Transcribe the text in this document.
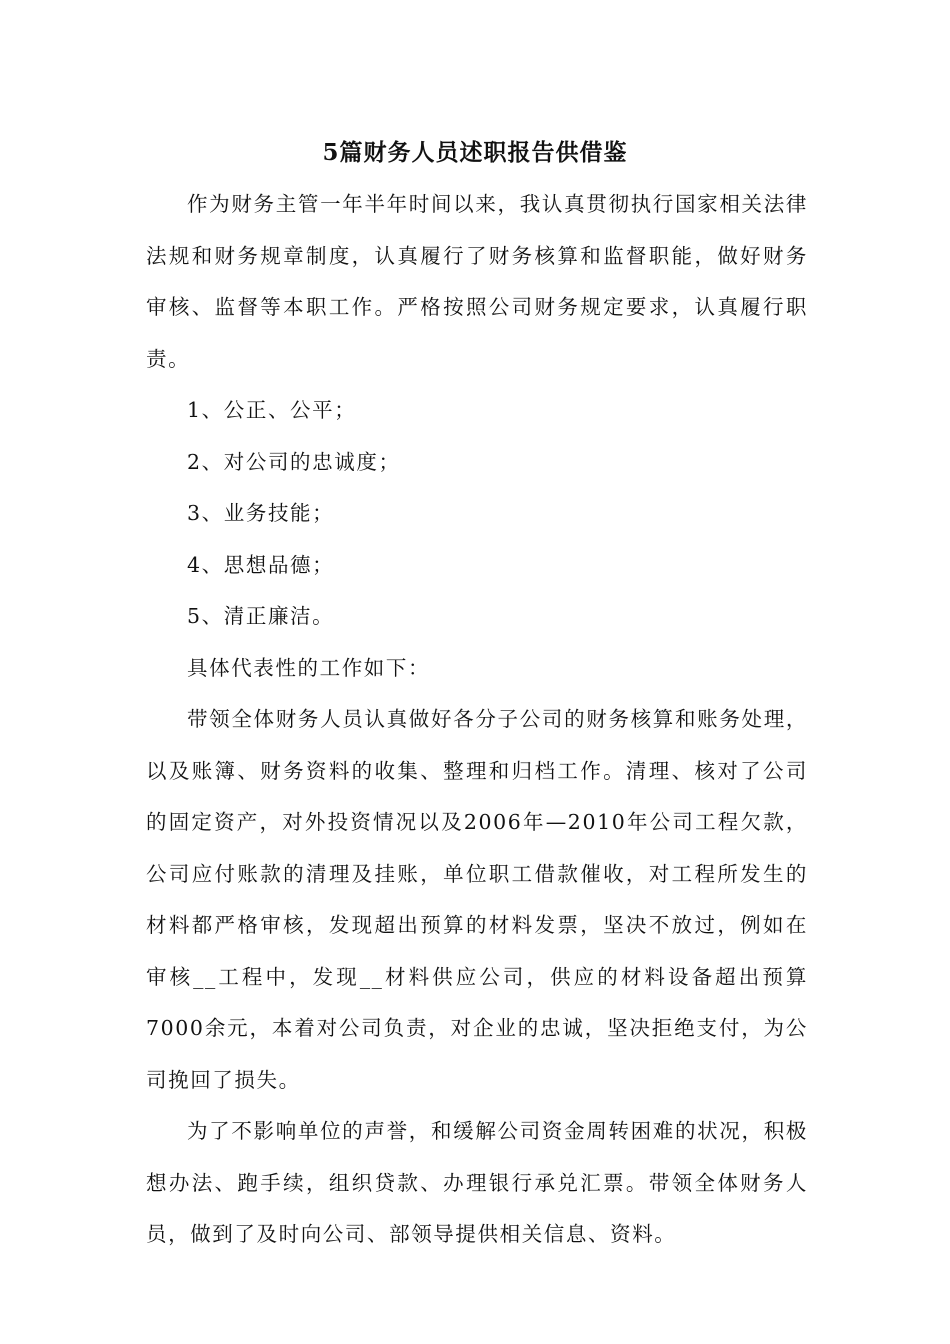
5篇财务人员述职报告供借鉴

作为财务主管一年半年时间以来，我认真贯彻执行国家相关法律法规和财务规章制度，认真履行了财务核算和监督职能，做好财务审核、监督等本职工作。严格按照公司财务规定要求，认真履行职责。

1、公正、公平；

2、对公司的忠诚度；

3、业务技能；

4、思想品德；

5、清正廉洁。

具体代表性的工作如下：

带领全体财务人员认真做好各分子公司的财务核算和账务处理，以及账簿、财务资料的收集、整理和归档工作。清理、核对了公司的固定资产，对外投资情况以及2006年—2010年公司工程欠款，公司应付账款的清理及挂账，单位职工借款催收，对工程所发生的材料都严格审核，发现超出预算的材料发票，坚决不放过，例如在审核__工程中，发现__材料供应公司，供应的材料设备超出预算7000余元，本着对公司负责，对企业的忠诚，坚决拒绝支付，为公司挽回了损失。

为了不影响单位的声誉，和缓解公司资金周转困难的状况，积极想办法、跑手续，组织贷款、办理银行承兑汇票。带领全体财务人员，做到了及时向公司、部领导提供相关信息、资料。
